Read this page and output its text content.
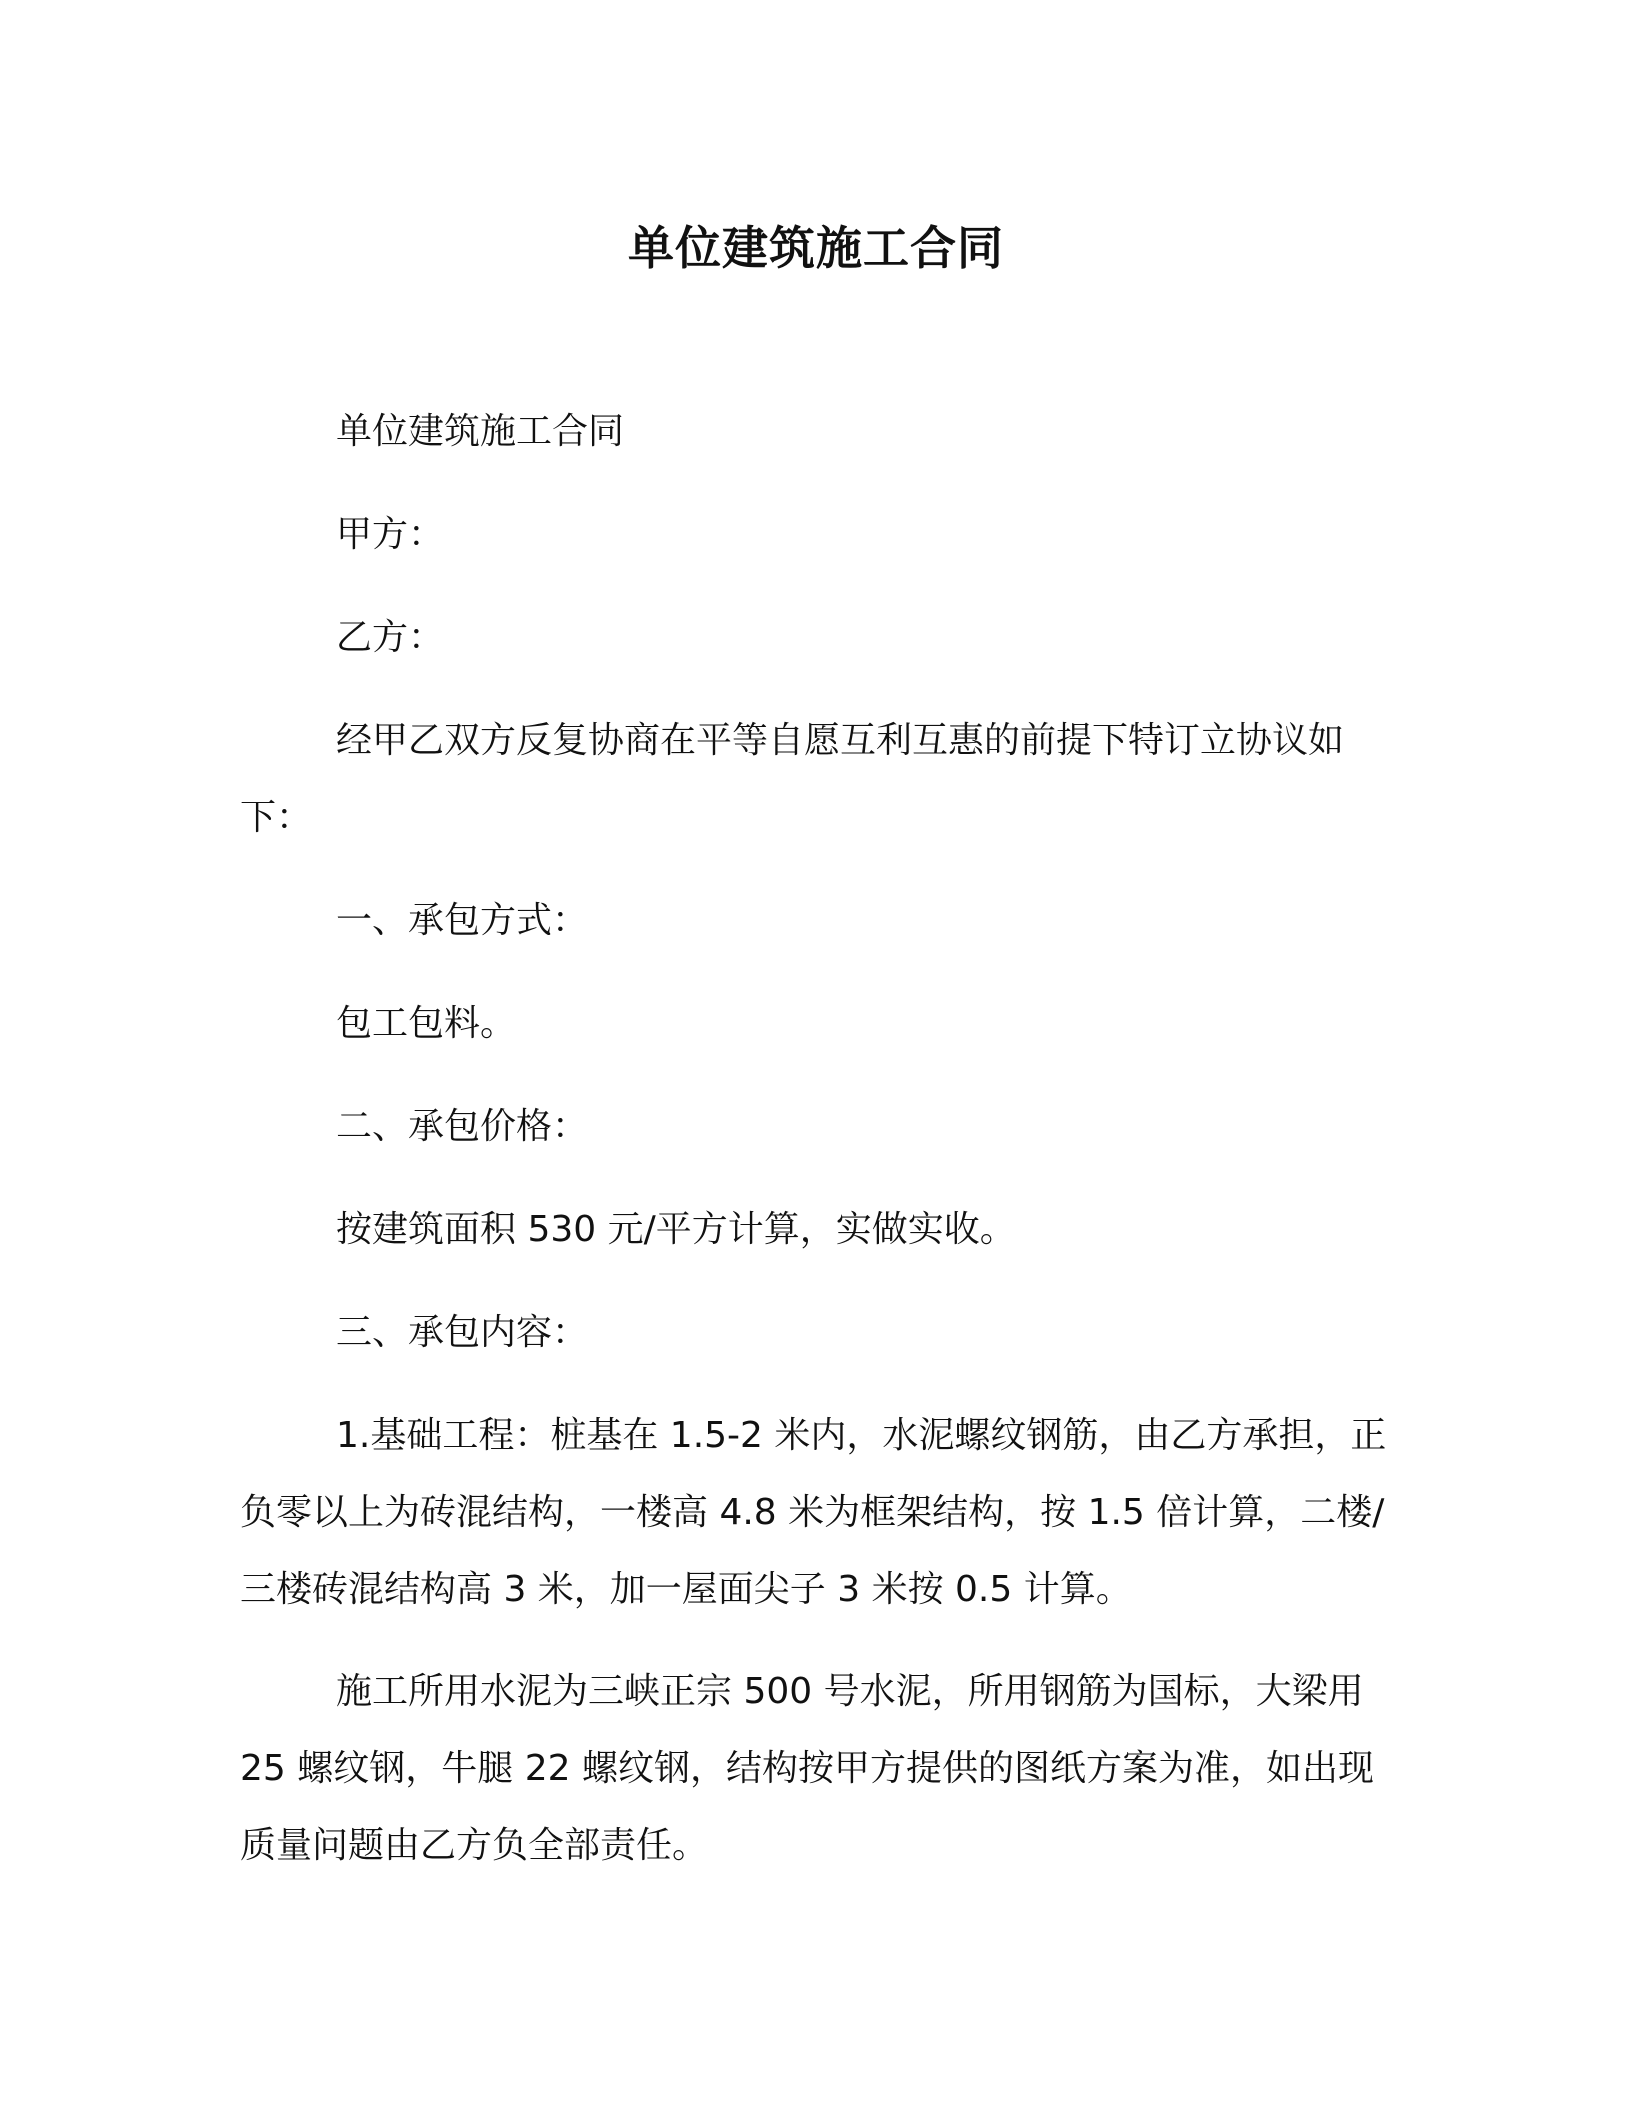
单位建筑施工合同
单位建筑施工合同
甲方：
乙方：
经甲乙双方反复协商在平等自愿互利互惠的前提下特订立协议如下：
一、承包方式：
包工包料。
二、承包价格：
按建筑面积 530 元/平方计算，实做实收。
三、承包内容：
1.基础工程：桩基在 1.5-2 米内，水泥螺纹钢筋，由乙方承担，正负零以上为砖混结构，一楼高 4.8 米为框架结构，按 1.5 倍计算，二楼/三楼砖混结构高 3 米，加一屋面尖子 3 米按 0.5 计算。
施工所用水泥为三峡正宗 500 号水泥，所用钢筋为国标，大梁用 25 螺纹钢，牛腿 22 螺纹钢，结构按甲方提供的图纸方案为准，如出现质量问题由乙方负全部责任。
